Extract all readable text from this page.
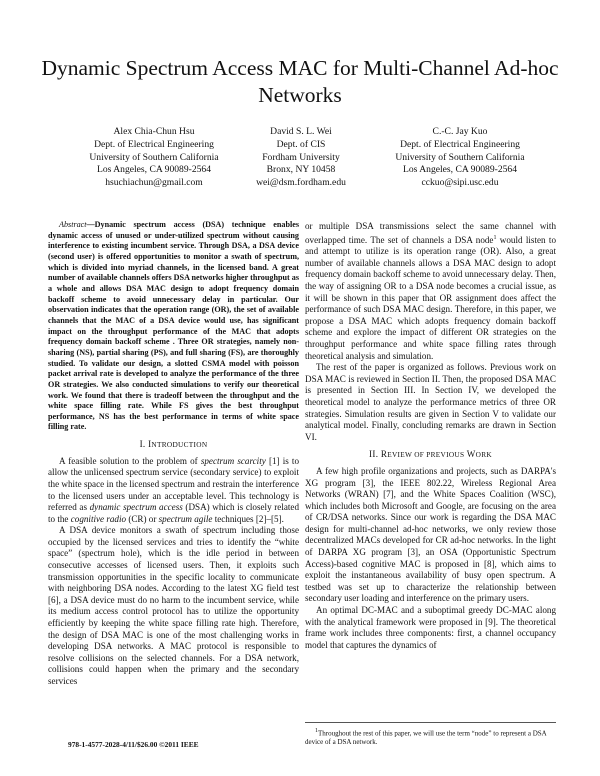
Dynamic Spectrum Access MAC for Multi-Channel Ad-hoc Networks
Alex Chia-Chun Hsu
Dept. of Electrical Engineering
University of Southern California
Los Angeles, CA 90089-2564
hsuchiachun@gmail.com
David S. L. Wei
Dept. of CIS
Fordham University
Bronx, NY 10458
wei@dsm.fordham.edu
C.-C. Jay Kuo
Dept. of Electrical Engineering
University of Southern California
Los Angeles, CA 90089-2564
cckuo@sipi.usc.edu

Abstract—Dynamic spectrum access (DSA) technique enables dynamic access of unused or under-utilized spectrum without causing interference to existing incumbent service. Through DSA, a DSA device (second user) is offered opportunities to monitor a swath of spectrum, which is divided into myriad channels, in the licensed band. A great number of available channels offers DSA networks higher throughput as a whole and allows DSA MAC design to adopt frequency domain backoff scheme to avoid unnecessary delay in particular. Our observation indicates that the operation range (OR), the set of available channels that the MAC of a DSA device would use, has significant impact on the throughput performance of the MAC that adopts frequency domain backoff scheme . Three OR strategies, namely non-sharing (NS), partial sharing (PS), and full sharing (FS), are thoroughly studied. To validate our design, a slotted CSMA model with poisson packet arrival rate is developed to analyze the performance of the three OR strategies. We also conducted simulations to verify our theoretical work. We found that there is tradeoff between the throughput and the white space filling rate. While FS gives the best throughput performance, NS has the best performance in terms of white space filling rate.

I. INTRODUCTION

A feasible solution to the problem of spectrum scarcity [1] is to allow the unlicensed spectrum service (secondary service) to exploit the white space in the licensed spectrum and restrain the interference to the licensed users under an acceptable level. This technology is referred as dynamic spectrum access (DSA) which is closely related to the cognitive radio (CR) or spectrum agile techniques [2]–[5].

A DSA device monitors a swath of spectrum including those occupied by the licensed services and tries to identify the “white space” (spectrum hole), which is the idle period in between consecutive accesses of licensed users. Then, it exploits such transmission opportunities in the specific locality to communicate with neighboring DSA nodes. According to the latest XG field test [6], a DSA device must do no harm to the incumbent service, while its medium access control protocol has to utilize the opportunity efficiently by keeping the white space filling rate high. Therefore, the design of DSA MAC is one of the most challenging works in developing DSA networks. A MAC protocol is responsible to resolve collisions on the selected channels. For a DSA network, collisions could happen when the primary and the secondary services

or multiple DSA transmissions select the same channel with overlapped time. The set of channels a DSA node$^1$ would listen to and attempt to utilize is its operation range (OR). Also, a great number of available channels allows a DSA MAC design to adopt frequency domain backoff scheme to avoid unnecessary delay. Then, the way of assigning OR to a DSA node becomes a crucial issue, as it will be shown in this paper that OR assignment does affect the performance of such DSA MAC design. Therefore, in this paper, we propose a DSA MAC which adopts frequency domain backoff scheme and explore the impact of different OR strategies on the throughput performance and white space filling rates through theoretical analysis and simulation.

The rest of the paper is organized as follows. Previous work on DSA MAC is reviewed in Section II. Then, the proposed DSA MAC is presented in Section III. In Section IV, we developed the theoretical model to analyze the performance metrics of three OR strategies. Simulation results are given in Section V to validate our analytical model. Finally, concluding remarks are drawn in Section VI.

II. REVIEW OF PREVIOUS WORK

A few high profile organizations and projects, such as DARPA's XG program [3], the IEEE 802.22, Wireless Regional Area Networks (WRAN) [7], and the White Spaces Coalition (WSC), which includes both Microsoft and Google, are focusing on the area of CR/DSA networks. Since our work is regarding the DSA MAC design for multi-channel ad-hoc networks, we only review those decentralized MACs developed for CR ad-hoc networks. In the light of DARPA XG program [3], an OSA (Opportunistic Spectrum Access)-based cognitive MAC is proposed in [8], which aims to exploit the instantaneous availability of busy open spectrum. A testbed was set up to characterize the relationship between secondary user loading and interference on the primary users.

An optimal DC-MAC and a suboptimal greedy DC-MAC along with the analytical framework were proposed in [9]. The theoretical frame work includes three components: first, a channel occupancy model that captures the dynamics of

$^1$Throughout the rest of this paper, we will use the term “node” to represent a DSA device of a DSA network.

978-1-4577-2028-4/11/$26.00 ©2011 IEEE
